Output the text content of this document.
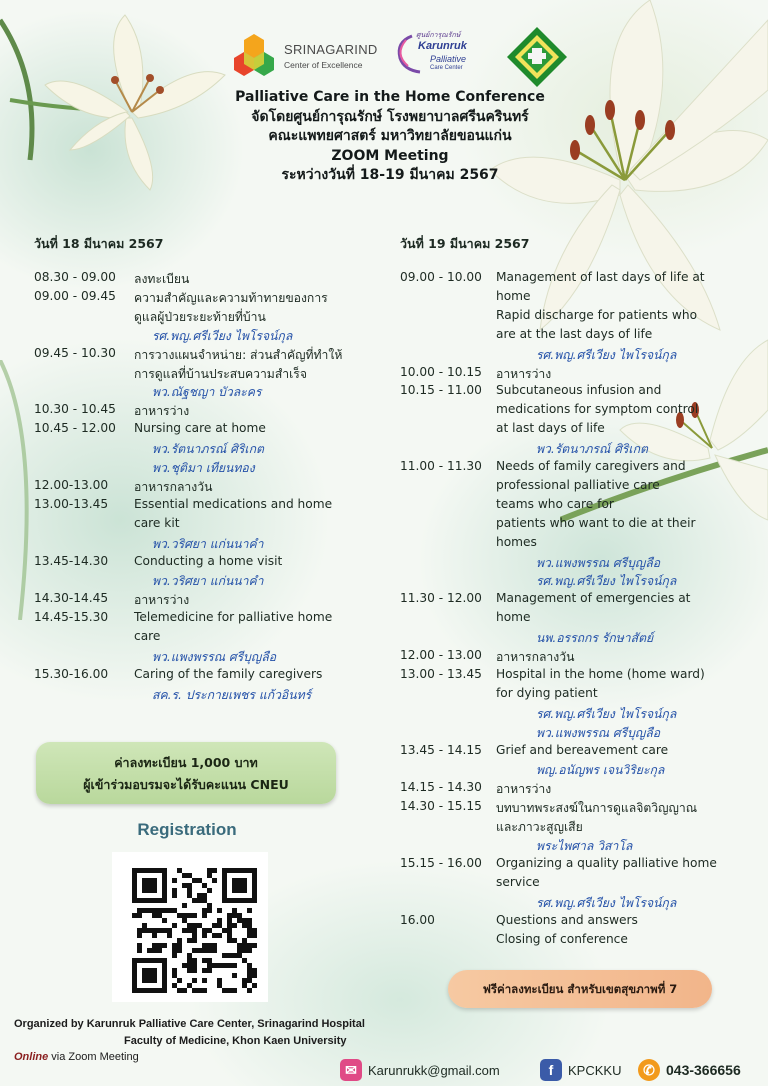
SRINAGARIND
Center of Excellence
ศูนย์การุณรักษ์
Karunruk
Palliative
Care Center
Palliative Care in the Home Conference
จัดโดยศูนย์การุณรักษ์ โรงพยาบาลศรีนครินทร์
คณะแพทยศาสตร์ มหาวิทยาลัยขอนแก่น
ZOOM Meeting
ระหว่างวันที่ 18-19 มีนาคม 2567
วันที่ 18 มีนาคม 2567	วันที่ 19 มีนาคม 2567
08.30 - 09.00 ลงทะเบียน
09.00 - 09.45 ความสำคัญและความท้าทายของการ
ดูแลผู้ป่วยระยะท้ายที่บ้าน
รศ.พญ.ศรีเวียง ไพโรจน์กุล
09.45 - 10.30 การวางแผนจำหน่าย: ส่วนสำคัญที่ทำให้
การดูแลที่บ้านประสบความสำเร็จ
พว.ณัฐชญา บัวละคร
10.30 - 10.45 อาหารว่าง
10.45 - 12.00 Nursing care at home
พว.รัตนาภรณ์ ศิริเกต
พว.ชุติมา เทียนทอง
12.00-13.00 อาหารกลางวัน
13.00-13.45 Essential medications and home
care kit
พว.วริศยา แก่นนาคำ
13.45-14.30 Conducting a home visit
พว.วริศยา แก่นนาคำ
14.30-14.45 อาหารว่าง
14.45-15.30 Telemedicine for palliative home
care
พว.แพงพรรณ ศรีบุญลือ
15.30-16.00 Caring of the family caregivers
สค.ร. ประกายเพชร แก้วอินทร์
09.00 - 10.00 Management of last days of life at
home
Rapid discharge for patients who
are at the last days of life
รศ.พญ.ศรีเวียง ไพโรจน์กุล
10.00 - 10.15 อาหารว่าง
10.15 - 11.00 Subcutaneous infusion and
medications for symptom control
at last days of life
พว.รัตนาภรณ์ ศิริเกต
11.00 - 11.30 Needs of family caregivers and
professional palliative care
teams who care for
patients who want to die at their
homes
พว.แพงพรรณ ศรีบุญลือ
รศ.พญ.ศรีเวียง ไพโรจน์กุล
11.30 - 12.00 Management of emergencies at
home
นพ.อรรถกร รักษาสัตย์
12.00 - 13.00 อาหารกลางวัน
13.00 - 13.45 Hospital in the home (home ward)
for dying patient
รศ.พญ.ศรีเวียง ไพโรจน์กุล
พว.แพงพรรณ ศรีบุญลือ
13.45 - 14.15 Grief and bereavement care
พญ.อนัญพร เจนวิริยะกุล
14.15 - 14.30 อาหารว่าง
14.30 - 15.15 บทบาทพระสงฆ์ในการดูแลจิตวิญญาณ
และภาวะสูญเสีย
พระไพศาล วิสาโล
15.15 - 16.00 Organizing a quality palliative home
service
รศ.พญ.ศรีเวียง ไพโรจน์กุล
16.00	Questions and answers
Closing of conference
ค่าลงทะเบียน 1,000 บาท
ผู้เข้าร่วมอบรมจะได้รับคะแนน CNEU
Registration
ฟรีค่าลงทะเบียน สำหรับเขตสุขภาพที่ 7
Organized by Karunruk Palliative Care Center, Srinagarind Hospital
Faculty of Medicine, Khon Kaen University
Online via Zoom Meeting
✉ Karunrukk@gmail.com	f	KPCKKU	✆ 043-366656
